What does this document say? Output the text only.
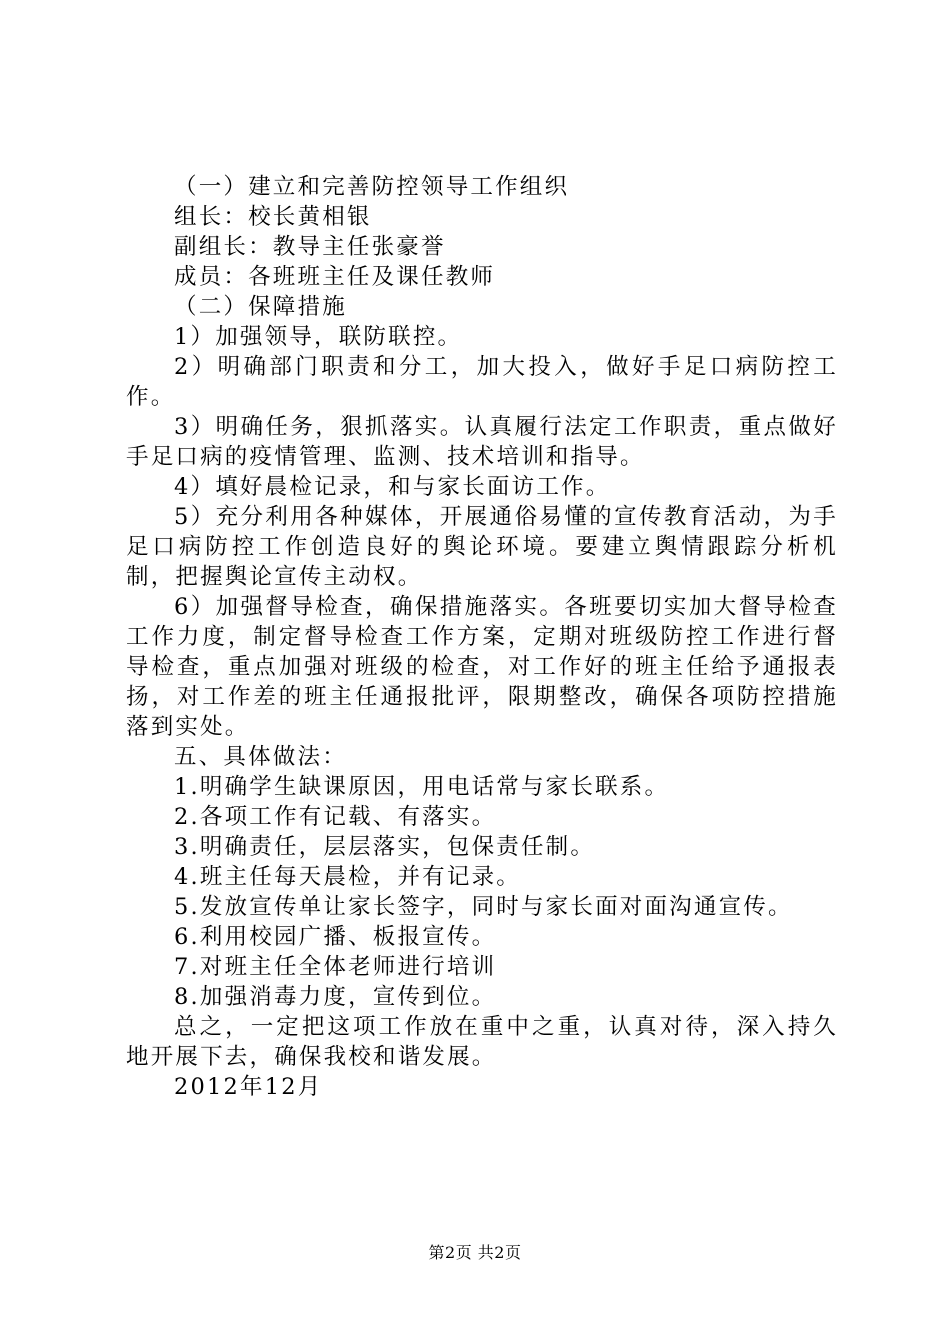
（一）建立和完善防控领导工作组织

组长：校长黄相银

副组长：教导主任张豪誉

成员：各班班主任及课任教师

（二）保障措施

1）加强领导，联防联控。

2）明确部门职责和分工，加大投入，做好手足口病防控工作。

3）明确任务，狠抓落实。认真履行法定工作职责，重点做好手足口病的疫情管理、监测、技术培训和指导。

4）填好晨检记录，和与家长面访工作。

5）充分利用各种媒体，开展通俗易懂的宣传教育活动，为手足口病防控工作创造良好的舆论环境。要建立舆情跟踪分析机制，把握舆论宣传主动权。

6）加强督导检查，确保措施落实。各班要切实加大督导检查工作力度，制定督导检查工作方案，定期对班级防控工作进行督导检查，重点加强对班级的检查，对工作好的班主任给予通报表扬，对工作差的班主任通报批评，限期整改，确保各项防控措施落到实处。

五、具体做法：

1.明确学生缺课原因，用电话常与家长联系。

2.各项工作有记载、有落实。

3.明确责任，层层落实，包保责任制。

4.班主任每天晨检，并有记录。

5.发放宣传单让家长签字，同时与家长面对面沟通宣传。

6.利用校园广播、板报宣传。

7.对班主任全体老师进行培训

8.加强消毒力度，宣传到位。

总之，一定把这项工作放在重中之重，认真对待，深入持久地开展下去，确保我校和谐发展。

2012年12月

第2页 共2页
